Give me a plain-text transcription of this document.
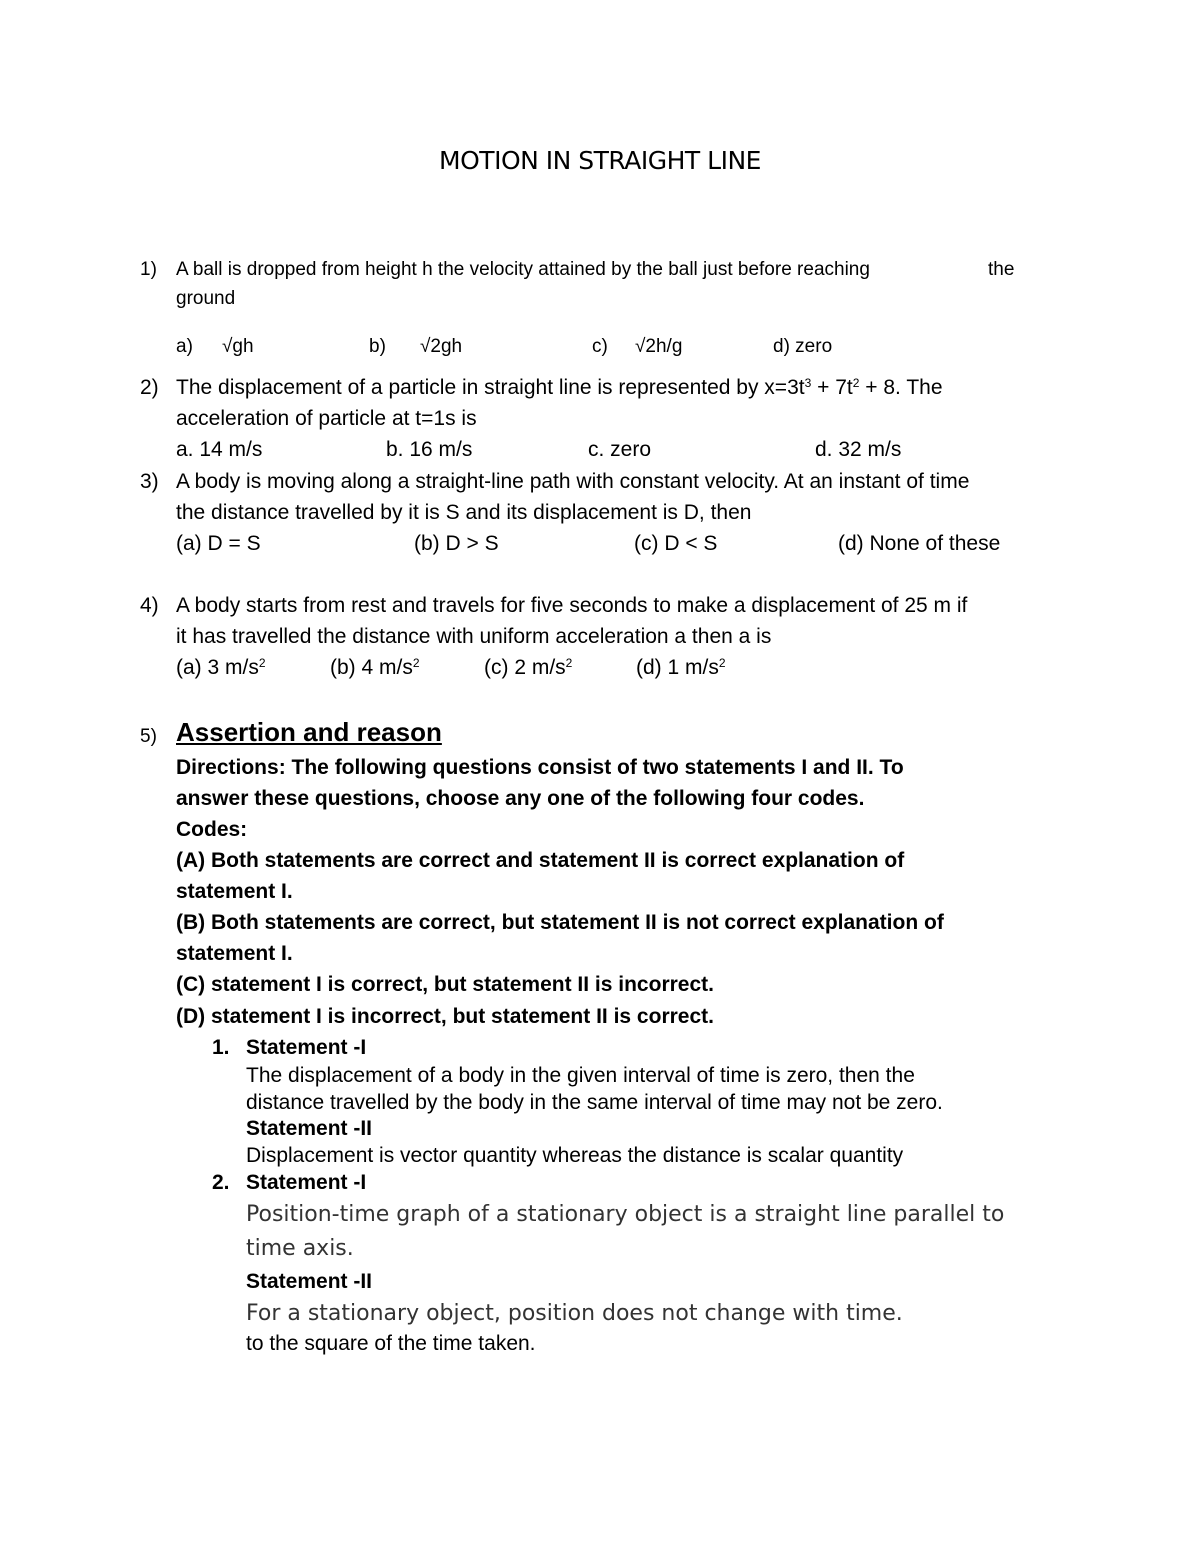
MOTION IN STRAIGHT LINE
1) A ball is dropped from height h the velocity attained by the ball just before reaching	the
ground
a) √gh	b) √2gh	c) √2h/g	d) zero
2) The displacement of a particle in straight line is represented by $x=3t^3 + 7t^2 + 8$. The
acceleration of particle at t=1s is
a. 14 m/s	b. 16 m/s	c. zero	d. 32 m/s
3) A body is moving along a straight-line path with constant velocity. At an instant of time
the distance travelled by it is S and its displacement is D, then
(a) D = S	(b) D > S	(c) D < S	(d) None of these
4) A body starts from rest and travels for five seconds to make a displacement of 25 m if
it has travelled the distance with uniform acceleration a then a is
(a) 3 $m/s^2$	(b) 4 $m/s^2$	(c) 2 $m/s^2$	(d) 1 $m/s^2$
5) Assertion and reason
Directions: The following questions consist of two statements I and II. To
answer these questions, choose any one of the following four codes.
Codes:
(A) Both statements are correct and statement II is correct explanation of
statement I.
(B) Both statements are correct, but statement II is not correct explanation of
statement I.
(C) statement I is correct, but statement II is incorrect.
(D) statement I is incorrect, but statement II is correct.
1. Statement -I
The displacement of a body in the given interval of time is zero, then the
distance travelled by the body in the same interval of time may not be zero.
Statement -II
Displacement is vector quantity whereas the distance is scalar quantity
2. Statement -I
Position-time graph of a stationary object is a straight line parallel to
time axis.
Statement -II
For a stationary object, position does not change with time.
to the square of the time taken.
